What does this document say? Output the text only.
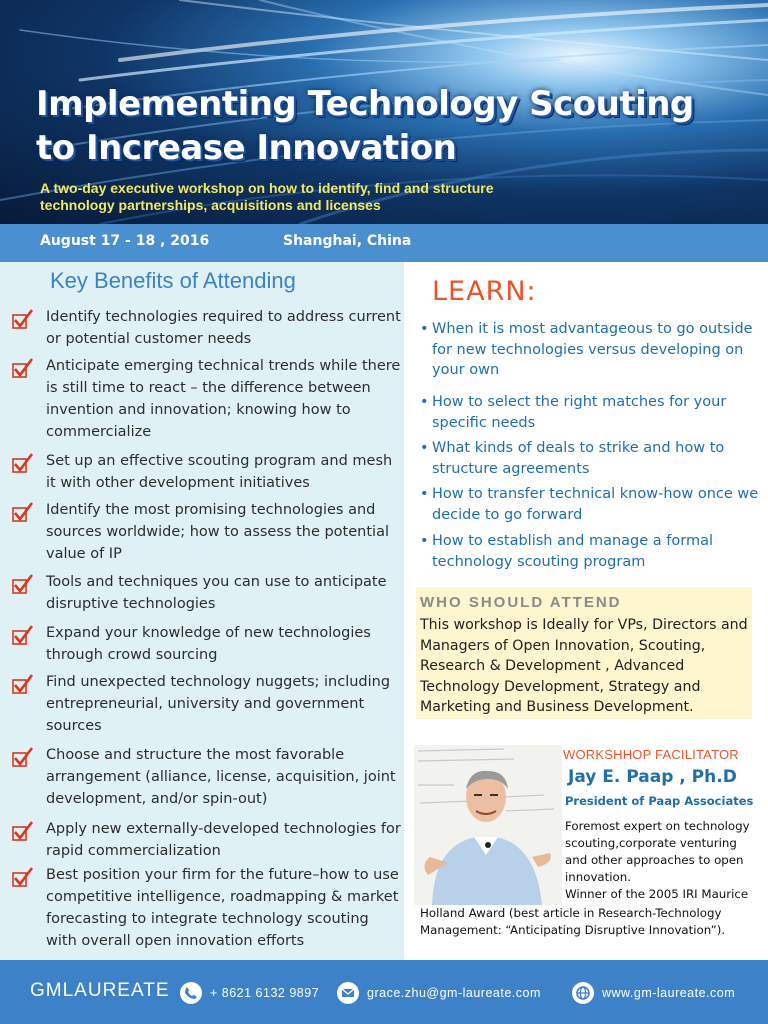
Implementing Technology Scouting
to Increase Innovation

A two-day executive workshop on how to identify, find and structure
technology partnerships, acquisitions and licenses

August 17 - 18 , 2016	Shanghai, China
Key Benefits of Attending

Identify technologies required to address current or potential customer needs

Anticipate emerging technical trends while there is still time to react – the difference between invention and innovation; knowing how to commercialize

Set up an effective scouting program and mesh it with other development initiatives

Identify the most promising technologies and sources worldwide; how to assess the potential value of IP

Tools and techniques you can use to anticipate disruptive technologies

Expand your knowledge of new technologies through crowd sourcing

Find unexpected technology nuggets; including entrepreneurial, university and government sources

Choose and structure the most favorable arrangement (alliance, license, acquisition, joint development, and/or spin-out)

Apply new externally-developed technologies for rapid commercialization

Best position your firm for the future–how to use competitive intelligence, roadmapping & market forecasting to integrate technology scouting with overall open innovation efforts

LEARN:
• When it is most advantageous to go outside for new technologies versus developing on your own
• How to select the right matches for your specific needs
• What kinds of deals to strike and how to structure agreements
• How to transfer technical know-how once we decide to go forward
• How to establish and manage a formal technology scouting program
WHO SHOULD ATTEND

This workshop is Ideally for VPs, Directors and Managers of Open Innovation, Scouting, Research & Development , Advanced Technology Development, Strategy and Marketing and Business Development.

WORKSHHOP FACILITATOR

Jay E. Paap , Ph.D

President of Paap Associates

Foremost expert on technology scouting,corporate venturing and other approaches to open innovation.
Winner of the 2005 IRI Maurice

Holland Award (best article in Research-Technology Management: “Anticipating Disruptive Innovation”).

GMLAUREATE	+ 8621 6132 9897	grace.zhu@gm-laureate.com	www.gm-laureate.com
